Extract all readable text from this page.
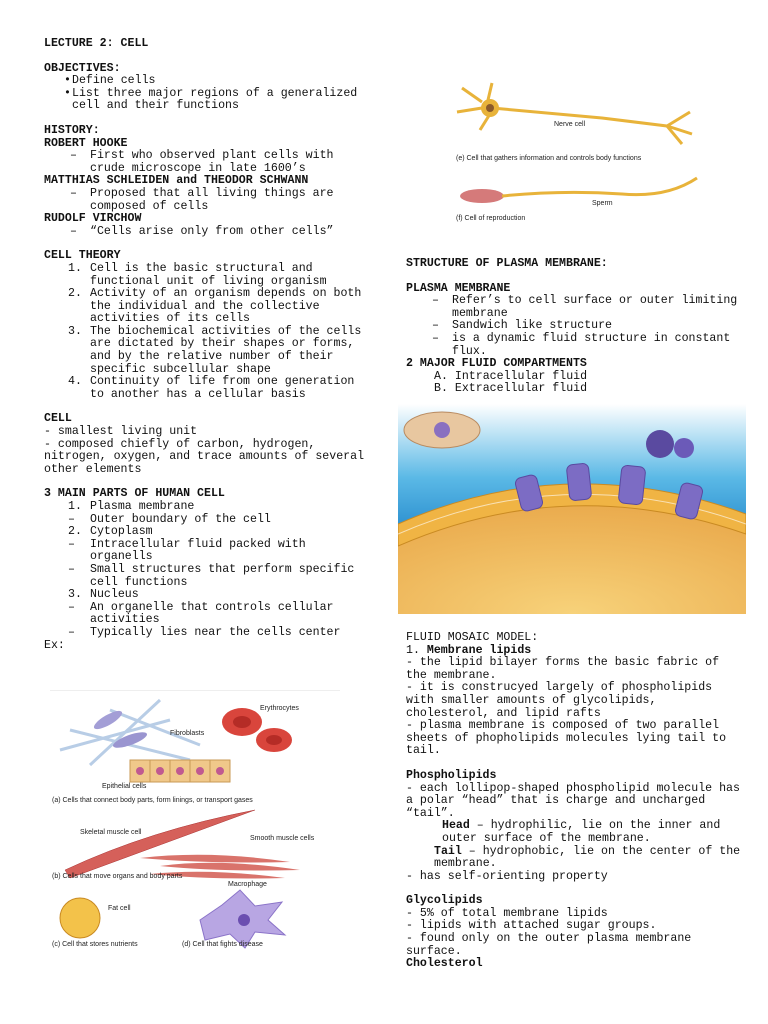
LECTURE 2: CELL
OBJECTIVES:
• Define cells
• List three major regions of a generalized cell and their functions
HISTORY:
ROBERT HOOKE
–	First who observed plant cells with crude microscope in late 1600’s
MATTHIAS SCHLEIDEN and THEODOR SCHWANN
–	Proposed that all living things are composed of cells
RUDOLF VIRCHOW
–	“Cells arise only from other cells”
CELL THEORY
1. Cell is the basic structural and functional unit of living organism
2. Activity of an organism depends on both the individual and the collective activities of its cells
3. The biochemical activities of the cells are dictated by their shapes or forms, and by the relative number of their specific subcellular shape
4. Continuity of life from one generation to another has a cellular basis
CELL
- smallest living unit
- composed chiefly of carbon, hydrogen, nitrogen, oxygen, and trace amounts of several other elements
3 MAIN PARTS OF HUMAN CELL
1. Plasma membrane
–	Outer boundary of the cell
2. Cytoplasm
–	Intracellular fluid packed with organells
–	Small structures that perform specific cell functions
3. Nucleus
–	An organelle that controls cellular activities
–	Typically lies near the cells center
Ex:
Fibroblasts
Erythrocytes
Epithelial cells
(a) Cells that connect body parts, form linings, or transport gases
Skeletal muscle cell
Smooth muscle cells
(b) Cells that move organs and body parts
Fat cell
Macrophage
(c) Cell that stores nutrients	(d) Cell that fights disease
Nerve cell
(e) Cell that gathers information and controls body functions
Sperm
(f) Cell of reproduction
STRUCTURE OF PLASMA MEMBRANE:
PLASMA MEMBRANE
–	Refer’s to cell surface or outer limiting membrane
–	Sandwich like structure
–	is a dynamic fluid structure in constant flux.
2 MAJOR FLUID COMPARTMENTS
A. Intracellular fluid
B. Extracellular fluid
FLUID MOSAIC MODEL:
1. Membrane lipids
- the lipid bilayer forms the basic fabric of the membrane.
- it is construcyed largely of phospholipids with smaller amounts of glycolipids, cholesterol, and lipid rafts
- plasma membrane is composed of two parallel sheets of phopholipids molecules lying tail to tail.
Phospholipids
- each lollipop-shaped phospholipid molecule has a polar “head” that is charge and uncharged “tail”.
Head – hydrophilic, lie on the inner and outer surface of the membrane.
Tail – hydrophobic, lie on the center of the membrane.
- has self-orienting property
Glycolipids
- 5% of total membrane lipids
- lipids with attached sugar groups.
- found only on the outer plasma membrane surface.
Cholesterol
